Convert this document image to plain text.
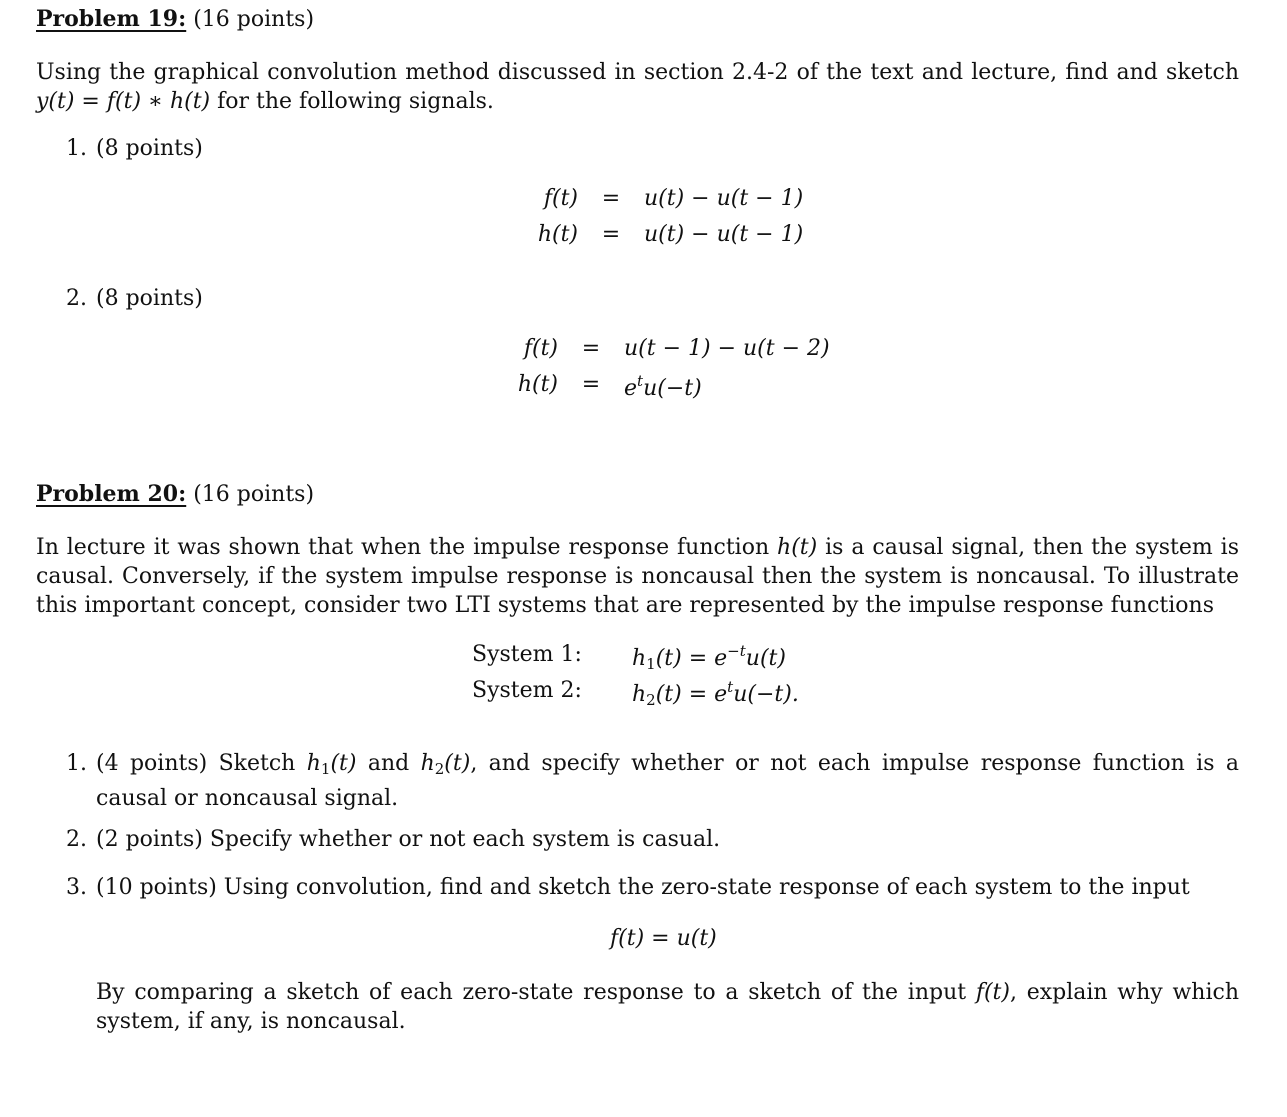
Problem 19: (16 points)
Using the graphical convolution method discussed in section 2.4-2 of the text and lecture, find and sketch y(t) = f(t) ∗ h(t) for the following signals.
1. (8 points)
f(t) = u(t) − u(t − 1)
h(t) = u(t) − u(t − 1)
2. (8 points)
f(t) = u(t − 1) − u(t − 2)
$h(t) = e^tu(-t)$
Problem 20: (16 points)
In lecture it was shown that when the impulse response function h(t) is a causal signal, then the system is causal. Conversely, if the system impulse response is noncausal then the system is noncausal. To illustrate this important concept, consider two LTI systems that are represented by the impulse response functions
System 1: $h_1(t) = e^{-t}u(t)$
System 2: $h_2(t) = e^tu(-t)$.
1. (4 points) Sketch $h_1(t)$ and $h_2(t)$, and specify whether or not each impulse response function is a causal or noncausal signal.
2. (2 points) Specify whether or not each system is casual.
3. (10 points) Using convolution, find and sketch the zero-state response of each system to the input
f(t) = u(t)
By comparing a sketch of each zero-state response to a sketch of the input f(t), explain why which system, if any, is noncausal.
